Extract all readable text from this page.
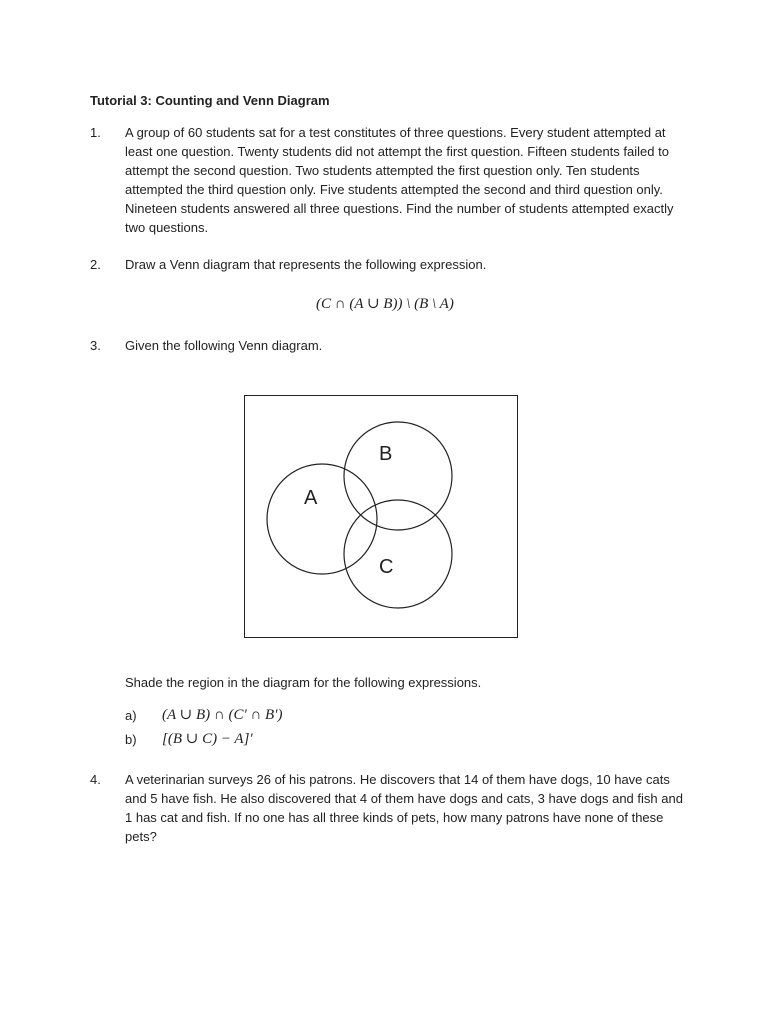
Tutorial 3: Counting and Venn Diagram
1. A group of 60 students sat for a test constitutes of three questions. Every student attempted at least one question. Twenty students did not attempt the first question. Fifteen students failed to attempt the second question. Two students attempted the first question only. Ten students attempted the third question only. Five students attempted the second and third question only. Nineteen students answered all three questions. Find the number of students attempted exactly two questions.
2. Draw a Venn diagram that represents the following expression.
(C ∩ (A ∪ B)) \ (B \ A)
3. Given the following Venn diagram.
A
B
C
Shade the region in the diagram for the following expressions.
a) (A ∪ B) ∩ (C′ ∩ B′)
b) [(B ∪ C) − A]′
4. A veterinarian surveys 26 of his patrons. He discovers that 14 of them have dogs, 10 have cats and 5 have fish. He also discovered that 4 of them have dogs and cats, 3 have dogs and fish and 1 has cat and fish. If no one has all three kinds of pets, how many patrons have none of these pets?
